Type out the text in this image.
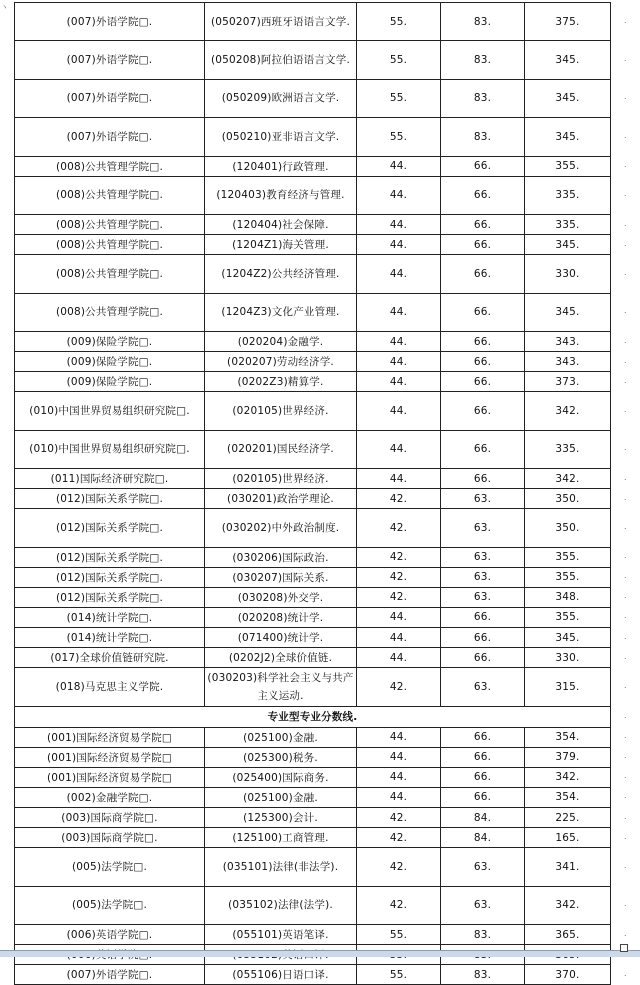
ヽ
(007)外语学院□.	(050207)西班牙语语言文学.	55.	83.	375.
(007)外语学院□.	(050208)阿拉伯语语言文学.	55.	83.	345.
(007)外语学院□.	(050209)欧洲语言文学.	55.	83.	345.
(007)外语学院□.	(050210)亚非语言文学.	55.	83.	345.
(008)公共管理学院□.	(120401)行政管理.	44.	66.	355.
(008)公共管理学院□.	(120403)教育经济与管理.	44.	66.	335.
(008)公共管理学院□.	(120404)社会保障.	44.	66.	335.
(008)公共管理学院□.	(1204Z1)海关管理.	44.	66.	345.
(008)公共管理学院□.	(1204Z2)公共经济管理.	44.	66.	330.
(008)公共管理学院□.	(1204Z3)文化产业管理.	44.	66.	345.
(009)保险学院□.	(020204)金融学.	44.	66.	343.
(009)保险学院□.	(020207)劳动经济学.	44.	66.	343.
(009)保险学院□.	(0202Z3)精算学.	44.	66.	373.
(010)中国世界贸易组织研究院□.	(020105)世界经济.	44.	66.	342.
(010)中国世界贸易组织研究院□.	(020201)国民经济学.	44.	66.	335.
(011)国际经济研究院□.	(020105)世界经济.	44.	66.	342.
(012)国际关系学院□.	(030201)政治学理论.	42.	63.	350.
(012)国际关系学院□.	(030202)中外政治制度.	42.	63.	350.
(012)国际关系学院□.	(030206)国际政治.	42.	63.	355.
(012)国际关系学院□.	(030207)国际关系.	42.	63.	355.
(012)国际关系学院□.	(030208)外交学.	42.	63.	348.
(014)统计学院□.	(020208)统计学.	44.	66.	355.
(014)统计学院□.	(071400)统计学.	44.	66.	345.
(017)全球价值链研究院.	(0202J2)全球价值链.	44.	66.	330.
(018)马克思主义学院.	(030203)科学社会主义与共产主义运动.	42.	63.	315.
专业型专业分数线.				
(001)国际经济贸易学院□	(025100)金融.	44.	66.	354.
(001)国际经济贸易学院□	(025300)税务.	44.	66.	379.
(001)国际经济贸易学院□	(025400)国际商务.	44.	66.	342.
(002)金融学院□.	(025100)金融.	44.	66.	354.
(003)国际商学院□.	(125300)会计.	42.	84.	225.
(003)国际商学院□.	(125100)工商管理.	42.	84.	165.
(005)法学院□.	(035101)法律(非法学).	42.	63.	341.
(005)法学院□.	(035102)法律(法学).	42.	63.	342.
(006)英语学院□.	(055101)英语笔译.	55.	83.	365.

(007)外语学院□.	(055106)日语口译.	55.	83.	370.
.
.
.
.
.
.
.
.
.
.
.
.
.
.
.
.
.
.
.
.
.
.
.
.
.
.
.
.
.
.
.
.
.
.
.
.
